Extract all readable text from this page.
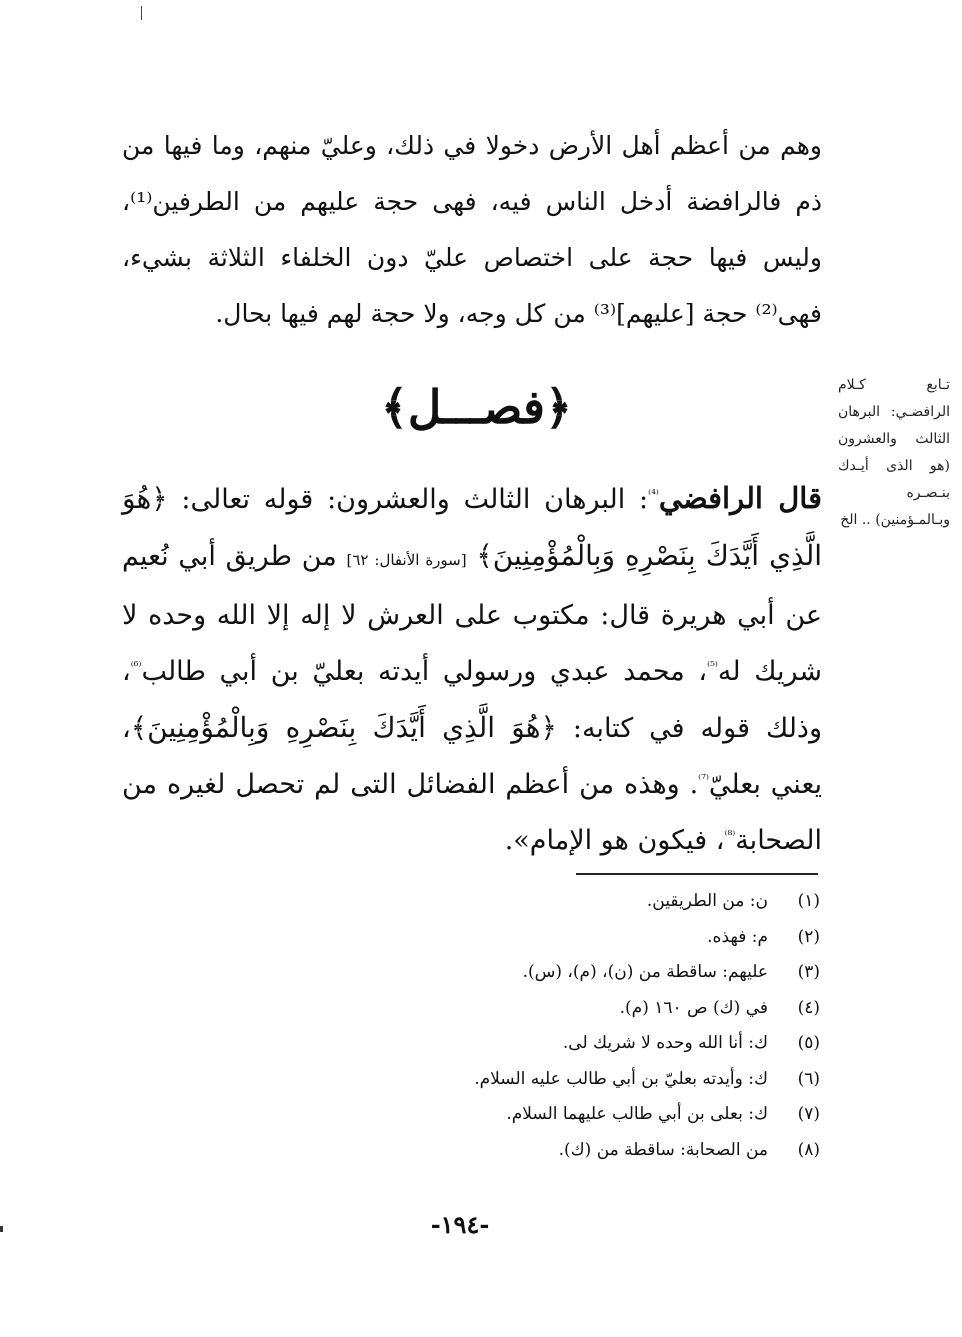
وهم من أعظم أهل الأرض دخولا في ذلك، وعليّ منهم، وما فيها من ذم فالرافضة أدخل الناس فيه، فهى حجة عليهم من الطرفين⁽¹⁾، وليس فيها حجة على اختصاص عليّ دون الخلفاء الثلاثة بشيء، فهى⁽²⁾ حجة [عليهم]⁽³⁾ من كل وجه، ولا حجة لهم فيها بحال.

﴿فصـــل﴾	تـابع كـلام الرافضـي: البرهان الثالث والعشرون (هو الذى أيـدك بنـصـره وبـالمـؤمنين) .. الخ

قال الرافضي$^{^{(4)}}$: البرهان الثالث والعشرون: قوله تعالى: ﴿هُوَ الَّذِي أَيَّدَكَ بِنَصْرِهِ وَبِالْمُؤْمِنِينَ﴾ [سورة الأنفال: ٦٢] من طريق أبي نُعيم عن أبي هريرة قال: مكتوب على العرش لا إله إلا الله وحده لا شريك له$^{^{(5)}}$، محمد عبدي ورسولي أيدته بعليّ بن أبي طالب$^{^{(6)}}$، وذلك قوله في كتابه: ﴿هُوَ الَّذِي أَيَّدَكَ بِنَصْرِهِ وَبِالْمُؤْمِنِينَ﴾، يعني بعليّ$^{^{(7)}}$. وهذه من أعظم الفضائل التى لم تحصل لغيره من الصحابة$^{^{(8)}}$، فيكون هو الإمام».

(١)ن: من الطريقين.
(٢)م: فهذه.
(٣)عليهم: ساقطة من (ن)، (م)، (س).
(٤)في (ك) ص ١٦٠ (م).
(٥)ك: أنا الله وحده لا شريك لى.
(٦)ك: وأيدته بعليّ بن أبي طالب عليه السلام.
(٧)ك: بعلى بن أبي طالب عليهما السلام.
(٨)من الصحابة: ساقطة من (ك).
-١٩٤-
